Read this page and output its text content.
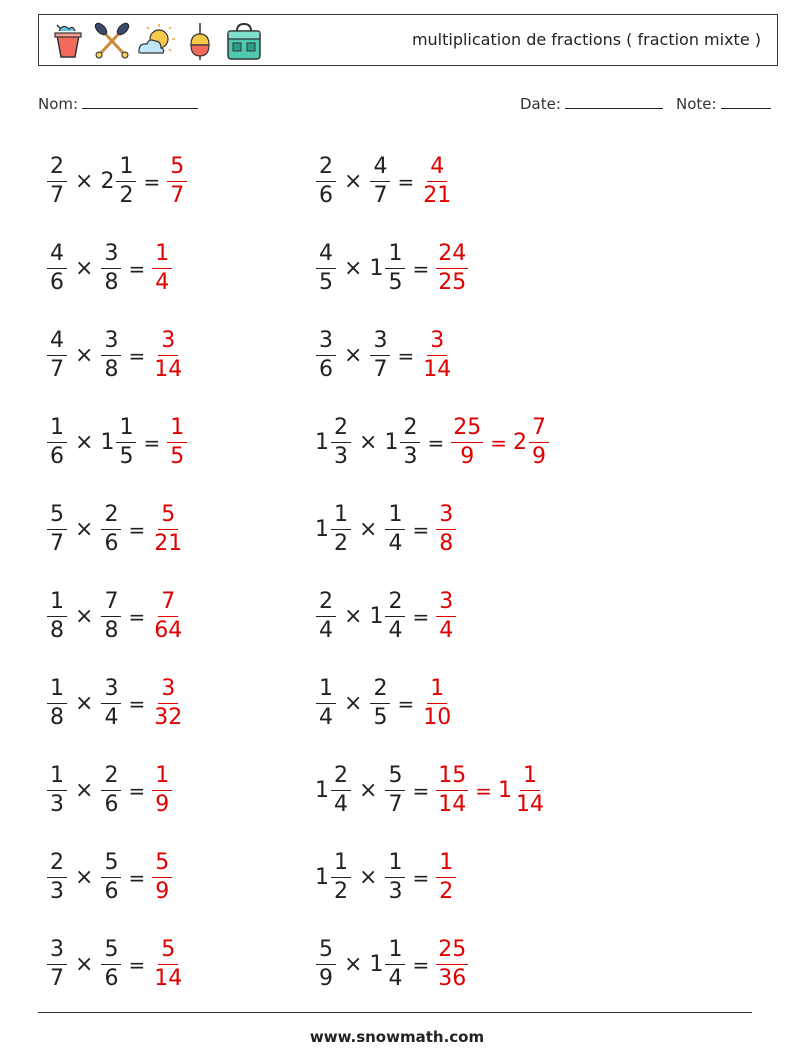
multiplication de fractions ( fraction mixte )
Nom:	Date:	Note:
$\frac{2}{7} \times 2 \frac{1}{2} = \frac{5}{7}$
$\frac{4}{6} \times \frac{3}{8} = \frac{1}{4}$
$\frac{4}{7} \times \frac{3}{8} = \frac{3}{14}$
$\frac{1}{6} \times 1 \frac{1}{5} = \frac{1}{5}$
$\frac{5}{7} \times \frac{2}{6} = \frac{5}{21}$
$\frac{1}{8} \times \frac{7}{8} = \frac{7}{64}$
$\frac{1}{8} \times \frac{3}{4} = \frac{3}{32}$
$\frac{1}{3} \times \frac{2}{6} = \frac{1}{9}$
$\frac{2}{3} \times \frac{5}{6} = \frac{5}{9}$
$\frac{3}{7} \times \frac{5}{6} = \frac{5}{14}$
$\frac{2}{6} \times \frac{4}{7} = \frac{4}{21}$
$\frac{4}{5} \times 1 \frac{1}{5} = \frac{24}{25}$
$\frac{3}{6} \times \frac{3}{7} = \frac{3}{14}$
$1 \frac{2}{3} \times 1 \frac{2}{3} = \frac{25}{9} = 2 \frac{7}{9}$
$1 \frac{1}{2} \times \frac{1}{4} = \frac{3}{8}$
$\frac{2}{4} \times 1 \frac{2}{4} = \frac{3}{4}$
$\frac{1}{4} \times \frac{2}{5} = \frac{1}{10}$
$1 \frac{2}{4} \times \frac{5}{7} = \frac{15}{14} = 1 \frac{1}{14}$
$1 \frac{1}{2} \times \frac{1}{3} = \frac{1}{2}$
$\frac{5}{9} \times 1 \frac{1}{4} = \frac{25}{36}$
www.snowmath.com
